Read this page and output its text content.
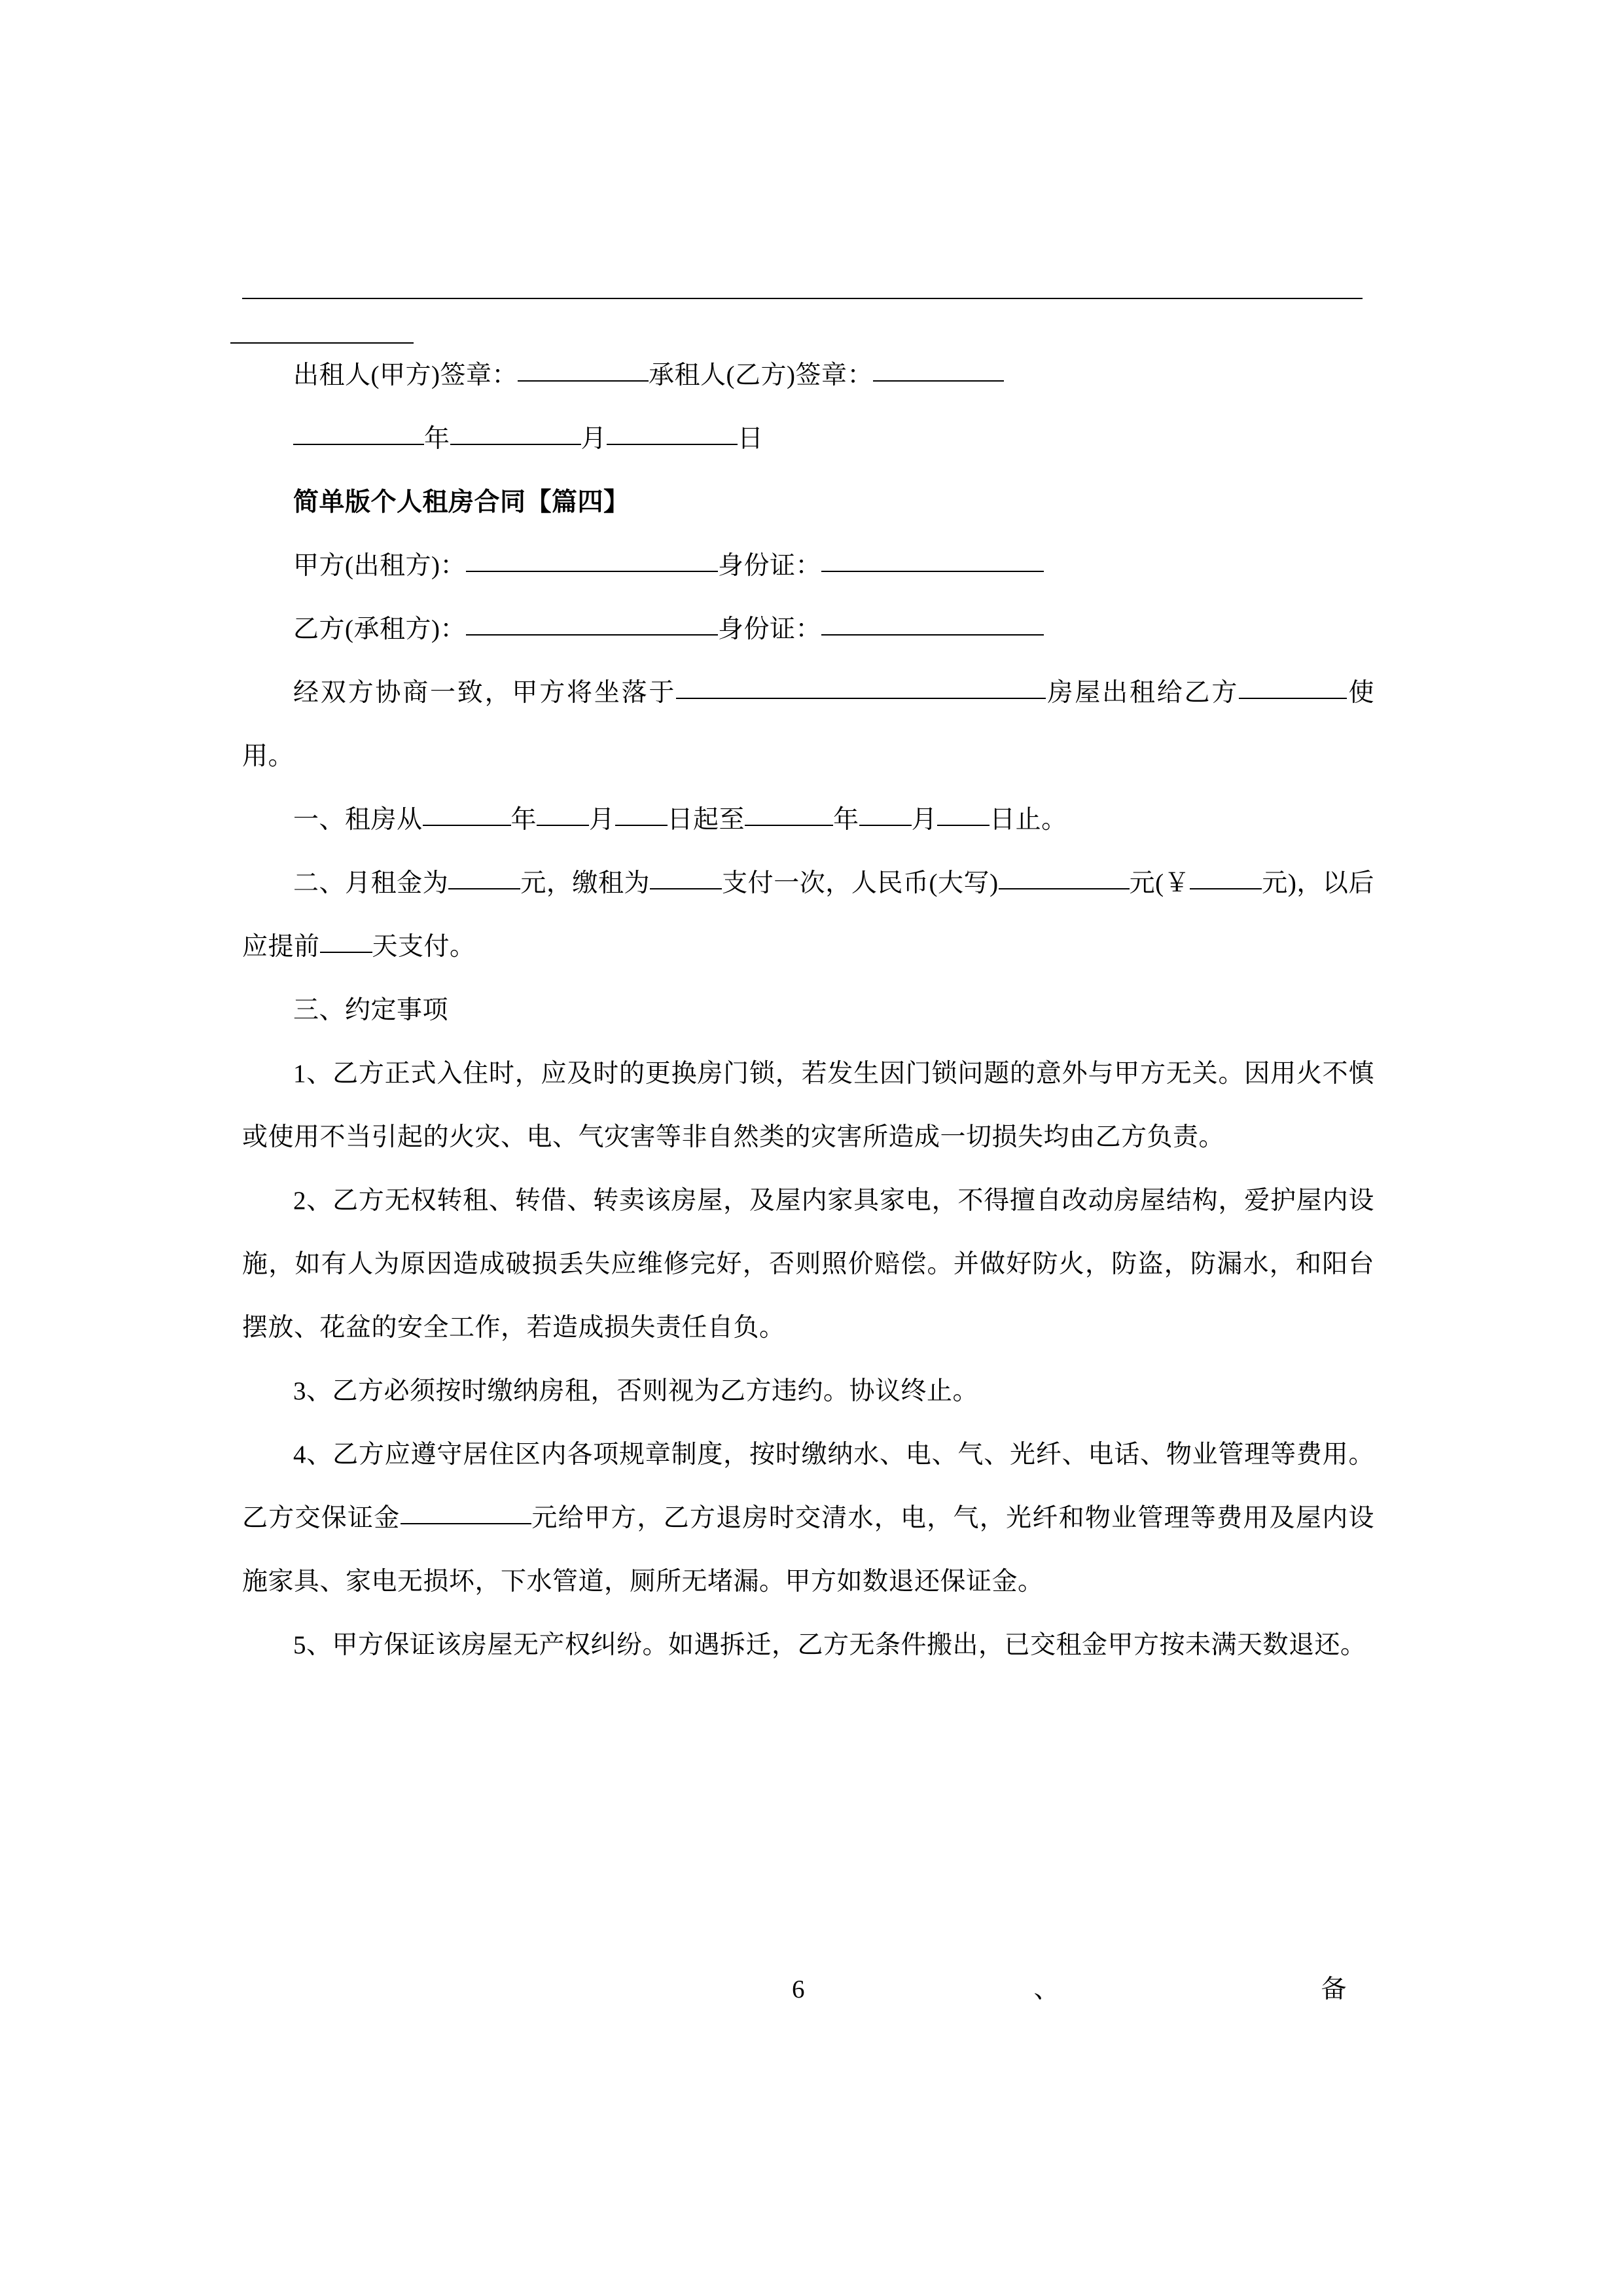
出租人(甲方)签章：	承租人(乙方)签章：

年	月	日

简单版个人租房合同【篇四】

甲方(出租方)：	身份证：

乙方(承租方)：	身份证：

经双方协商一致，甲方将坐落于	房屋出租给乙方	使用。

一、租房从	年 月 日起至	年 月 日止。

二、月租金为	元，缴租为	支付一次，人民币(大写)	元(￥	元)，以后应提前 天支付。

三、约定事项

1、乙方正式入住时，应及时的更换房门锁，若发生因门锁问题的意外与甲方无关。因用火不慎或使用不当引起的火灾、电、气灾害等非自然类的灾害所造成一切损失均由乙方负责。

2、乙方无权转租、转借、转卖该房屋，及屋内家具家电，不得擅自改动房屋结构，爱护屋内设施，如有人为原因造成破损丢失应维修完好，否则照价赔偿。并做好防火，防盗，防漏水，和阳台摆放、花盆的安全工作，若造成损失责任自负。

3、乙方必须按时缴纳房租，否则视为乙方违约。协议终止。

4、乙方应遵守居住区内各项规章制度，按时缴纳水、电、气、光纤、电话、物业管理等费用。乙方交保证金	元给甲方，乙方退房时交清水，电，气，光纤和物业管理等费用及屋内设施家具、家电无损坏，下水管道，厕所无堵漏。甲方如数退还保证金。

5、甲方保证该房屋无产权纠纷。如遇拆迁，乙方无条件搬出，已交租金甲方按未满天数退还。

6	、	备
